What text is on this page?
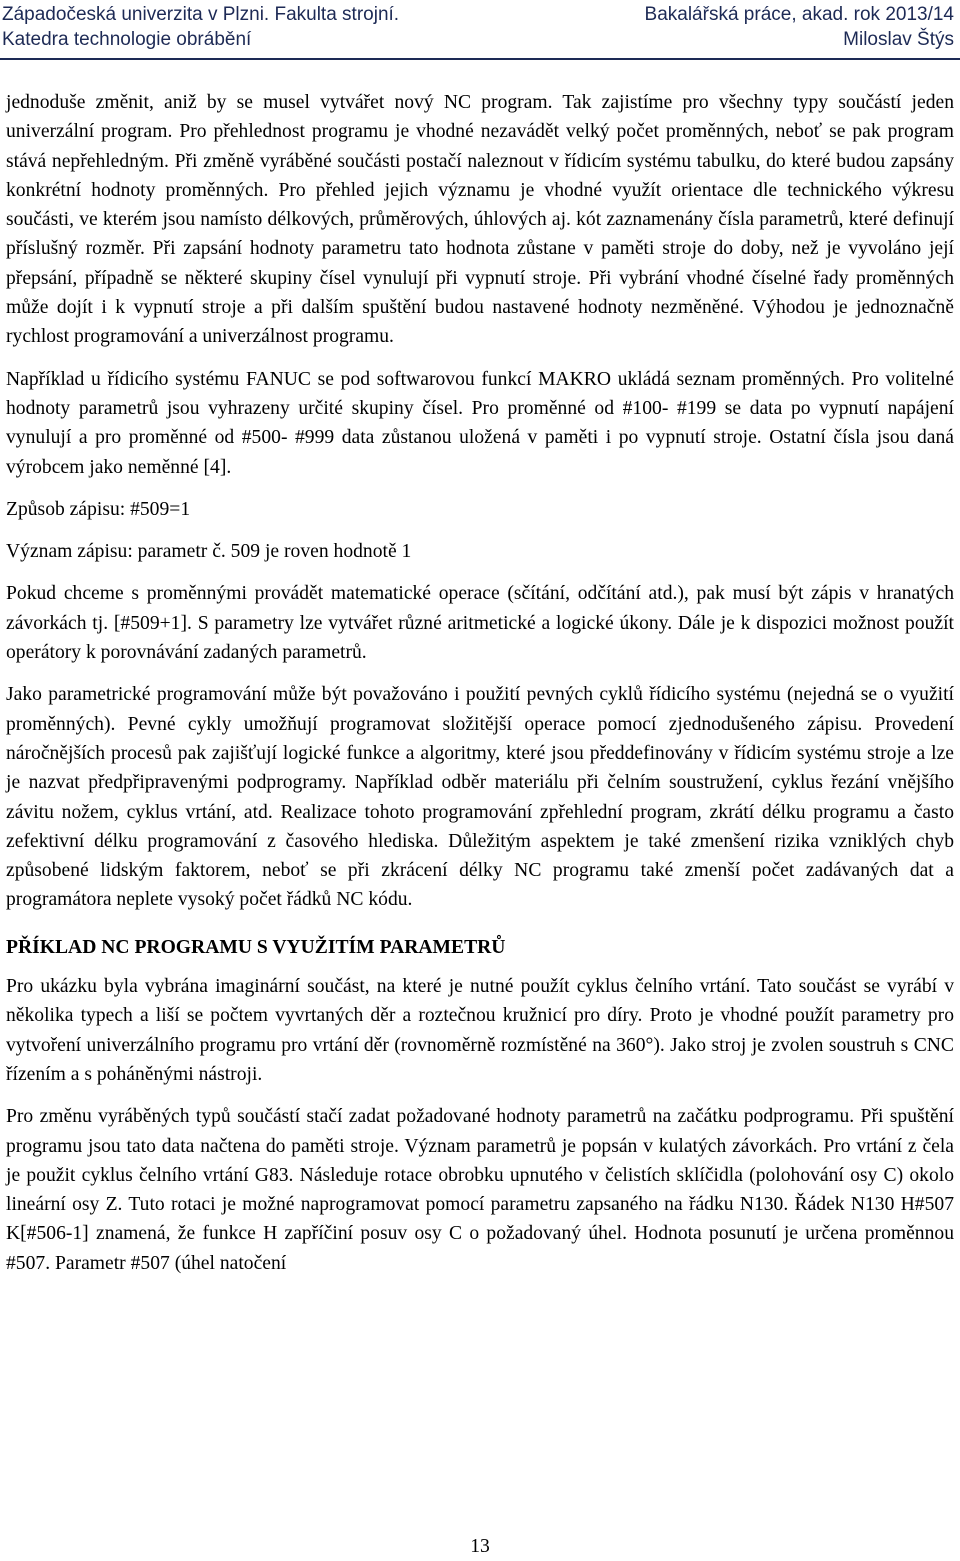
Západočeská univerzita v Plzni. Fakulta strojní.	Bakalářská práce, akad. rok 2013/14
Katedra technologie obrábění	Miloslav Štýs

jednoduše změnit, aniž by se musel vytvářet nový NC program. Tak zajistíme pro všechny typy součástí jeden univerzální program. Pro přehlednost programu je vhodné nezavádět velký počet proměnných, neboť se pak program stává nepřehledným. Při změně vyráběné součásti postačí naleznout v řídicím systému tabulku, do které budou zapsány konkrétní hodnoty proměnných. Pro přehled jejich významu je vhodné využít orientace dle technického výkresu součásti, ve kterém jsou namísto délkových, průměrových, úhlových aj. kót zaznamenány čísla parametrů, které definují příslušný rozměr. Při zapsání hodnoty parametru tato hodnota zůstane v paměti stroje do doby, než je vyvoláno její přepsání, případně se některé skupiny čísel vynulují při vypnutí stroje. Při vybrání vhodné číselné řady proměnných může dojít i k vypnutí stroje a při dalším spuštění budou nastavené hodnoty nezměněné. Výhodou je jednoznačně rychlost programování a univerzálnost programu.

Například u řídicího systému FANUC se pod softwarovou funkcí MAKRO ukládá seznam proměnných. Pro volitelné hodnoty parametrů jsou vyhrazeny určité skupiny čísel. Pro proměnné od #100- #199 se data po vypnutí napájení vynulují a pro proměnné od #500- #999 data zůstanou uložená v paměti i po vypnutí stroje. Ostatní čísla jsou daná výrobcem jako neměnné [4].

Způsob zápisu: #509=1

Význam zápisu: parametr č. 509 je roven hodnotě 1

Pokud chceme s proměnnými provádět matematické operace (sčítání, odčítání atd.), pak musí být zápis v hranatých závorkách tj. [#509+1]. S parametry lze vytvářet různé aritmetické a logické úkony. Dále je k dispozici možnost použít operátory k porovnávání zadaných parametrů.

Jako parametrické programování může být považováno i použití pevných cyklů řídicího systému (nejedná se o využití proměnných). Pevné cykly umožňují programovat složitější operace pomocí zjednodušeného zápisu. Provedení náročnějších procesů pak zajišťují logické funkce a algoritmy, které jsou předdefinovány v řídicím systému stroje a lze je nazvat předpřipravenými podprogramy. Například odběr materiálu při čelním soustružení, cyklus řezání vnějšího závitu nožem, cyklus vrtání, atd. Realizace tohoto programování zpřehlední program, zkrátí délku programu a často zefektivní délku programování z časového hlediska. Důležitým aspektem je také zmenšení rizika vzniklých chyb způsobené lidským faktorem, neboť se při zkrácení délky NC programu také zmenší počet zadávaných dat a programátora neplete vysoký počet řádků NC kódu.

PŘÍKLAD NC PROGRAMU S VYUŽITÍM PARAMETRŮ

Pro ukázku byla vybrána imaginární součást, na které je nutné použít cyklus čelního vrtání. Tato součást se vyrábí v několika typech a liší se počtem vyvrtaných děr a roztečnou kružnicí pro díry. Proto je vhodné použít parametry pro vytvoření univerzálního programu pro vrtání děr (rovnoměrně rozmístěné na 360°). Jako stroj je zvolen soustruh s CNC řízením a s poháněnými nástroji.

Pro změnu vyráběných typů součástí stačí zadat požadované hodnoty parametrů na začátku podprogramu. Při spuštění programu jsou tato data načtena do paměti stroje. Význam parametrů je popsán v kulatých závorkách. Pro vrtání z čela je použit cyklus čelního vrtání G83. Následuje rotace obrobku upnutého v čelistích sklíčidla (polohování osy C) okolo lineární osy Z. Tuto rotaci je možné naprogramovat pomocí parametru zapsaného na řádku N130. Řádek N130 H#507 K[#506-1] znamená, že funkce H zapříčiní posuv osy C o požadovaný úhel. Hodnota posunutí je určena proměnnou #507. Parametr #507 (úhel natočení

13
